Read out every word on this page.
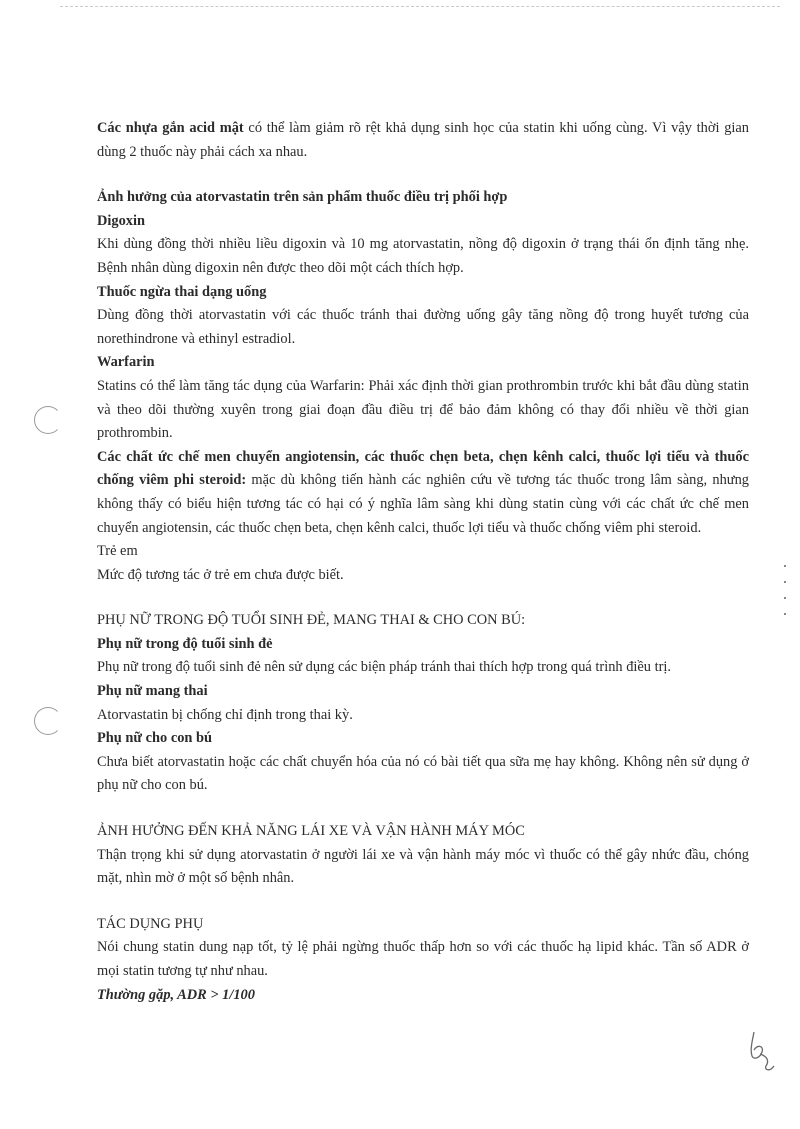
Các nhựa gắn acid mật có thể làm giảm rõ rệt khả dụng sinh học của statin khi uống cùng. Vì vậy thời gian dùng 2 thuốc này phải cách xa nhau.

Ảnh hưởng của atorvastatin trên sản phẩm thuốc điều trị phối hợp

Digoxin

Khi dùng đồng thời nhiều liều digoxin và 10 mg atorvastatin, nồng độ digoxin ở trạng thái ổn định tăng nhẹ. Bệnh nhân dùng digoxin nên được theo dõi một cách thích hợp.

Thuốc ngừa thai dạng uống

Dùng đồng thời atorvastatin với các thuốc tránh thai đường uống gây tăng nồng độ trong huyết tương của norethindrone và ethinyl estradiol.

Warfarin

Statins có thể làm tăng tác dụng của Warfarin: Phải xác định thời gian prothrombin trước khi bắt đầu dùng statin và theo dõi thường xuyên trong giai đoạn đầu điều trị để bảo đảm không có thay đổi nhiều về thời gian prothrombin.

Các chất ức chế men chuyển angiotensin, các thuốc chẹn beta, chẹn kênh calci, thuốc lợi tiểu và thuốc chống viêm phi steroid: mặc dù không tiến hành các nghiên cứu về tương tác thuốc trong lâm sàng, nhưng không thấy có biểu hiện tương tác có hại có ý nghĩa lâm sàng khi dùng statin cùng với các chất ức chế men chuyển angiotensin, các thuốc chẹn beta, chẹn kênh calci, thuốc lợi tiểu và thuốc chống viêm phi steroid.

Trẻ em

Mức độ tương tác ở trẻ em chưa được biết.

PHỤ NỮ TRONG ĐỘ TUỔI SINH ĐẺ, MANG THAI & CHO CON BÚ:

Phụ nữ trong độ tuổi sinh đẻ

Phụ nữ trong độ tuổi sinh đẻ nên sử dụng các biện pháp tránh thai thích hợp trong quá trình điều trị.

Phụ nữ mang thai

Atorvastatin bị chống chỉ định trong thai kỳ.

Phụ nữ cho con bú

Chưa biết atorvastatin hoặc các chất chuyển hóa của nó có bài tiết qua sữa mẹ hay không. Không nên sử dụng ở phụ nữ cho con bú.

ẢNH HƯỞNG ĐẾN KHẢ NĂNG LÁI XE VÀ VẬN HÀNH MÁY MÓC

Thận trọng khi sử dụng atorvastatin ở người lái xe và vận hành máy móc vì thuốc có thể gây nhức đầu, chóng mặt, nhìn mờ ở một số bệnh nhân.

TÁC DỤNG PHỤ

Nói chung statin dung nạp tốt, tỷ lệ phải ngừng thuốc thấp hơn so với các thuốc hạ lipid khác. Tần số ADR ở mọi statin tương tự như nhau.

Thường gặp, ADR > 1/100
